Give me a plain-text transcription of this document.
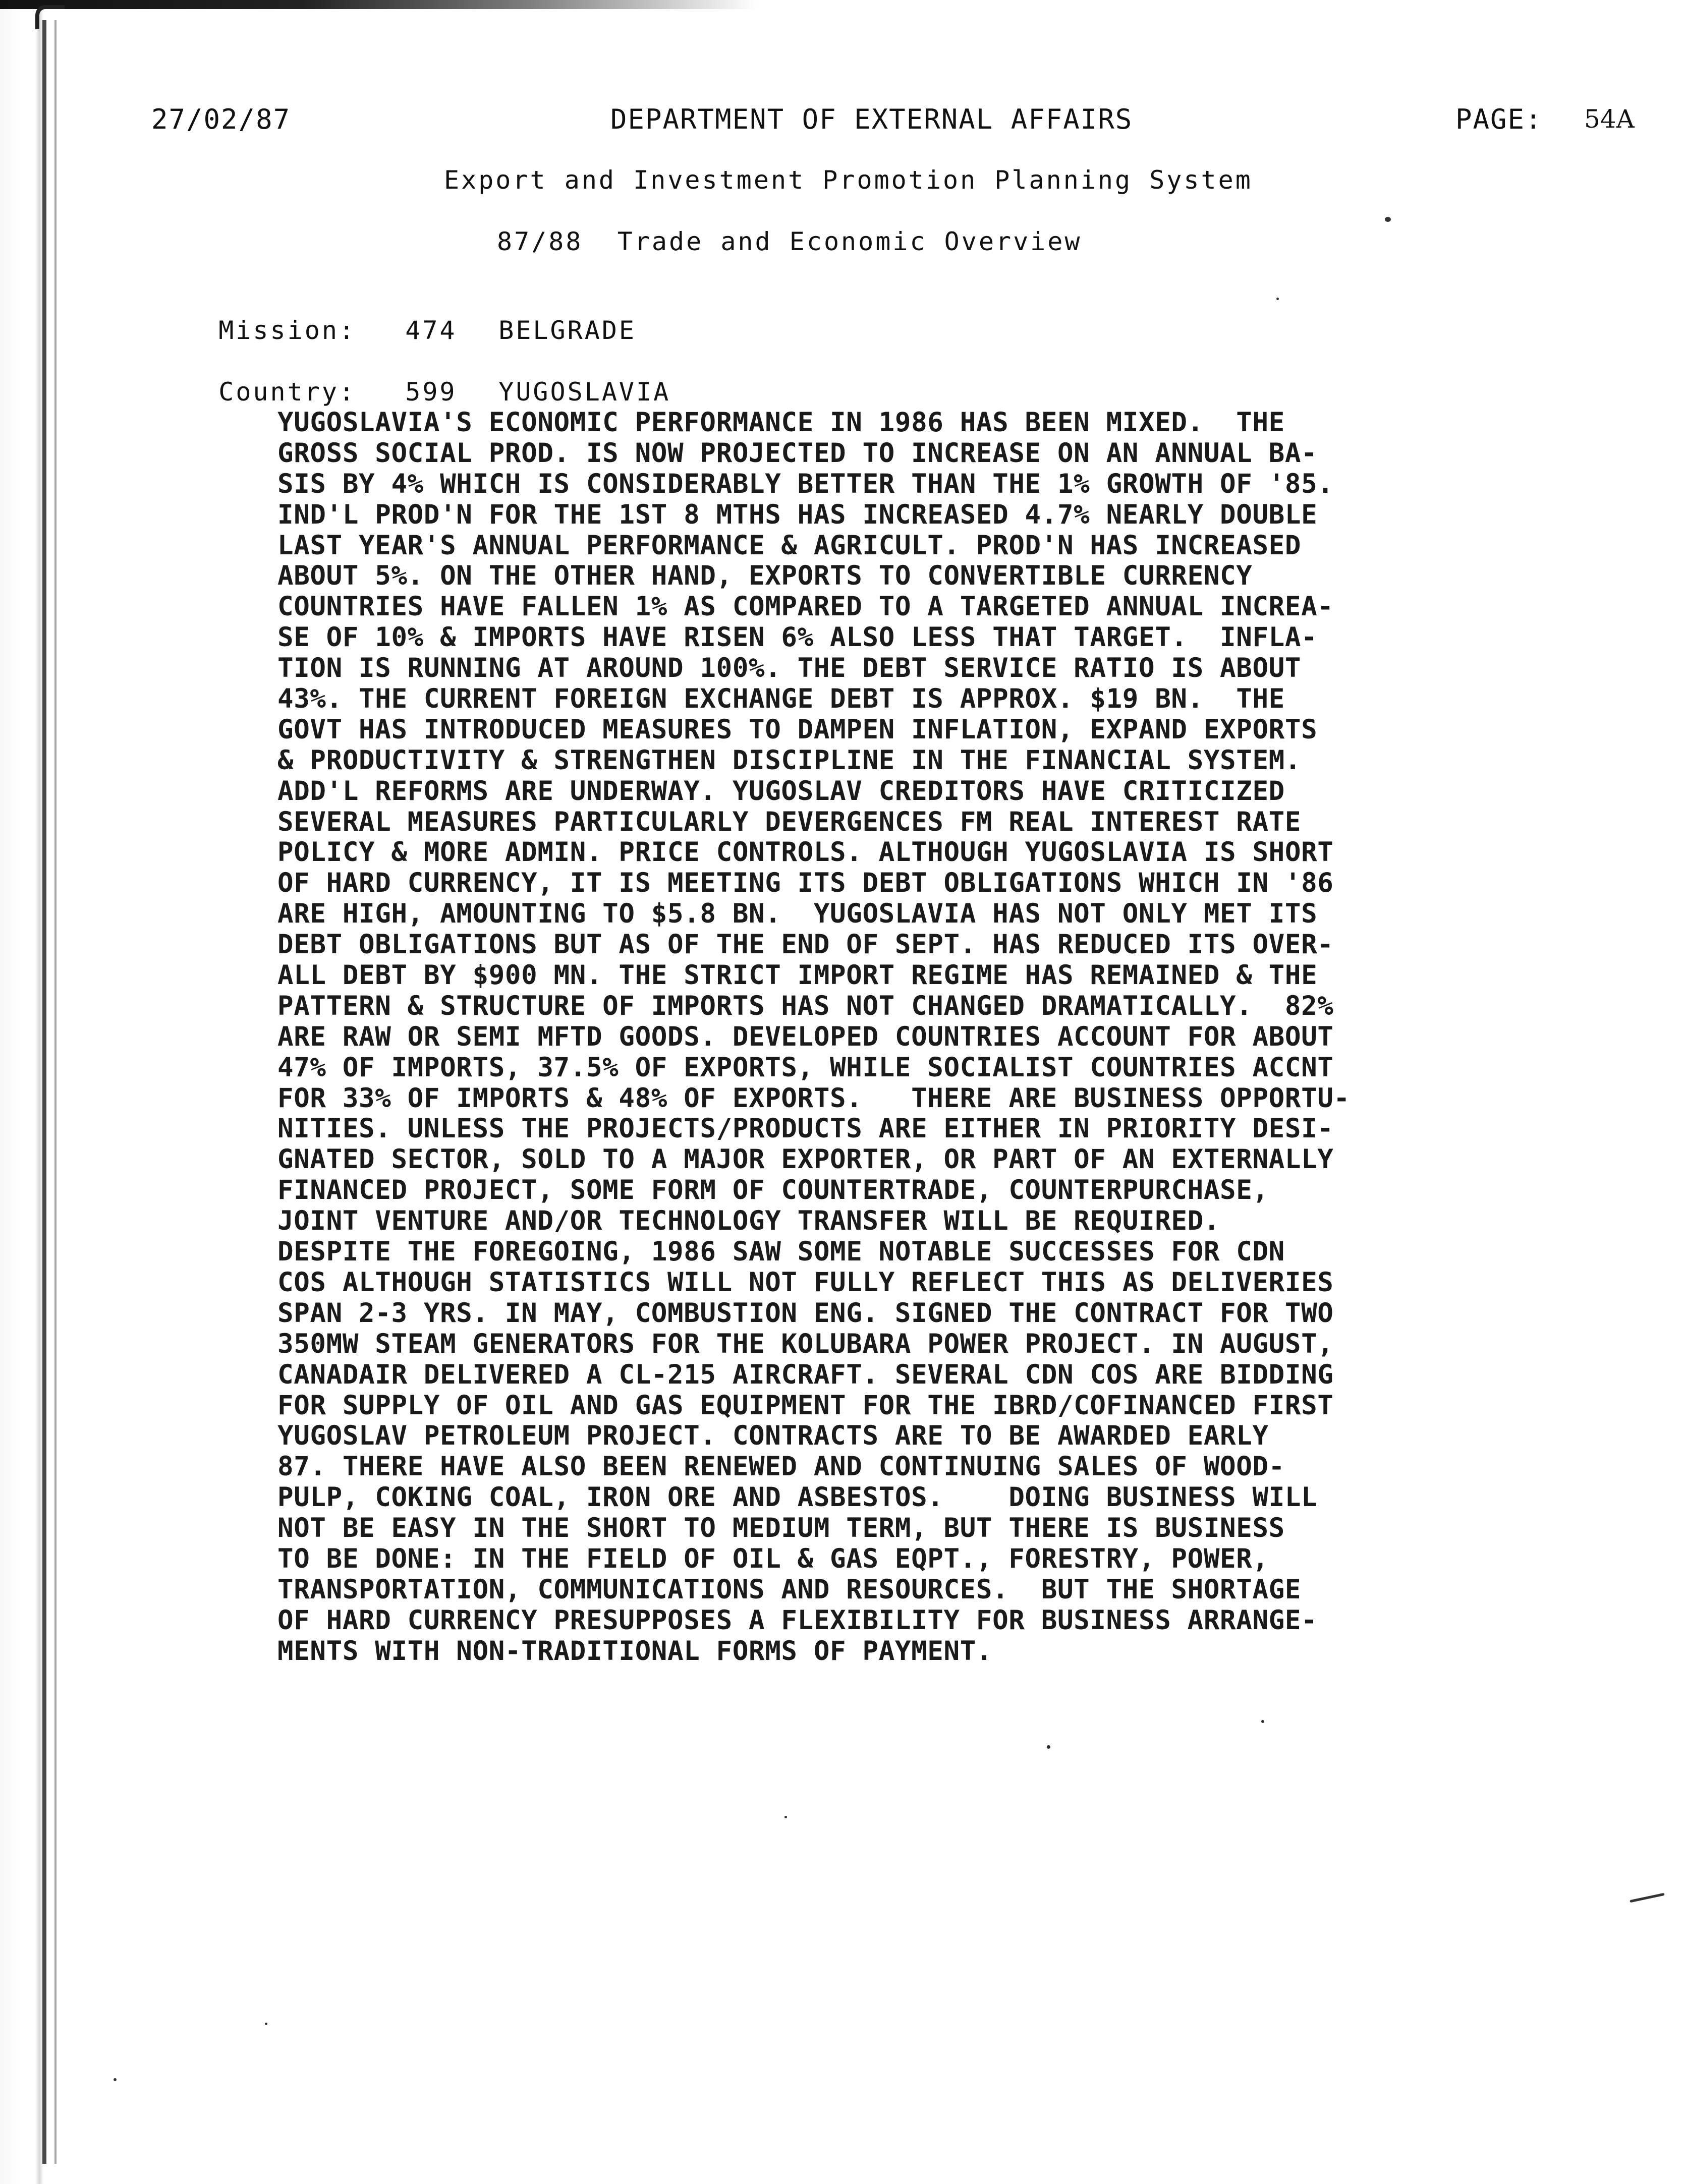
27/02/87	DEPARTMENT OF EXTERNAL AFFAIRS	PAGE: 54A
Export and Investment Promotion Planning System
87/88  Trade and Economic Overview

Mission: 474 BELGRADE

Country: 599 YUGOSLAVIA

YUGOSLAVIA'S ECONOMIC PERFORMANCE IN 1986 HAS BEEN MIXED.  THE
GROSS SOCIAL PROD. IS NOW PROJECTED TO INCREASE ON AN ANNUAL BA-
SIS BY 4% WHICH IS CONSIDERABLY BETTER THAN THE 1% GROWTH OF '85.
IND'L PROD'N FOR THE 1ST 8 MTHS HAS INCREASED 4.7% NEARLY DOUBLE
LAST YEAR'S ANNUAL PERFORMANCE & AGRICULT. PROD'N HAS INCREASED
ABOUT 5%. ON THE OTHER HAND, EXPORTS TO CONVERTIBLE CURRENCY
COUNTRIES HAVE FALLEN 1% AS COMPARED TO A TARGETED ANNUAL INCREA-
SE OF 10% & IMPORTS HAVE RISEN 6% ALSO LESS THAT TARGET.  INFLA-
TION IS RUNNING AT AROUND 100%. THE DEBT SERVICE RATIO IS ABOUT
43%. THE CURRENT FOREIGN EXCHANGE DEBT IS APPROX. $19 BN.  THE
GOVT HAS INTRODUCED MEASURES TO DAMPEN INFLATION, EXPAND EXPORTS
& PRODUCTIVITY & STRENGTHEN DISCIPLINE IN THE FINANCIAL SYSTEM.
ADD'L REFORMS ARE UNDERWAY. YUGOSLAV CREDITORS HAVE CRITICIZED
SEVERAL MEASURES PARTICULARLY DEVERGENCES FM REAL INTEREST RATE
POLICY & MORE ADMIN. PRICE CONTROLS. ALTHOUGH YUGOSLAVIA IS SHORT
OF HARD CURRENCY, IT IS MEETING ITS DEBT OBLIGATIONS WHICH IN '86
ARE HIGH, AMOUNTING TO $5.8 BN.  YUGOSLAVIA HAS NOT ONLY MET ITS
DEBT OBLIGATIONS BUT AS OF THE END OF SEPT. HAS REDUCED ITS OVER-
ALL DEBT BY $900 MN. THE STRICT IMPORT REGIME HAS REMAINED & THE
PATTERN & STRUCTURE OF IMPORTS HAS NOT CHANGED DRAMATICALLY.  82%
ARE RAW OR SEMI MFTD GOODS. DEVELOPED COUNTRIES ACCOUNT FOR ABOUT
47% OF IMPORTS, 37.5% OF EXPORTS, WHILE SOCIALIST COUNTRIES ACCNT
FOR 33% OF IMPORTS & 48% OF EXPORTS.   THERE ARE BUSINESS OPPORTU-
NITIES. UNLESS THE PROJECTS/PRODUCTS ARE EITHER IN PRIORITY DESI-
GNATED SECTOR, SOLD TO A MAJOR EXPORTER, OR PART OF AN EXTERNALLY
FINANCED PROJECT, SOME FORM OF COUNTERTRADE, COUNTERPURCHASE,
JOINT VENTURE AND/OR TECHNOLOGY TRANSFER WILL BE REQUIRED.
DESPITE THE FOREGOING, 1986 SAW SOME NOTABLE SUCCESSES FOR CDN
COS ALTHOUGH STATISTICS WILL NOT FULLY REFLECT THIS AS DELIVERIES
SPAN 2-3 YRS. IN MAY, COMBUSTION ENG. SIGNED THE CONTRACT FOR TWO
350MW STEAM GENERATORS FOR THE KOLUBARA POWER PROJECT. IN AUGUST,
CANADAIR DELIVERED A CL-215 AIRCRAFT. SEVERAL CDN COS ARE BIDDING
FOR SUPPLY OF OIL AND GAS EQUIPMENT FOR THE IBRD/COFINANCED FIRST
YUGOSLAV PETROLEUM PROJECT. CONTRACTS ARE TO BE AWARDED EARLY
87. THERE HAVE ALSO BEEN RENEWED AND CONTINUING SALES OF WOOD-
PULP, COKING COAL, IRON ORE AND ASBESTOS.    DOING BUSINESS WILL
NOT BE EASY IN THE SHORT TO MEDIUM TERM, BUT THERE IS BUSINESS
TO BE DONE: IN THE FIELD OF OIL & GAS EQPT., FORESTRY, POWER,
TRANSPORTATION, COMMUNICATIONS AND RESOURCES.  BUT THE SHORTAGE
OF HARD CURRENCY PRESUPPOSES A FLEXIBILITY FOR BUSINESS ARRANGE-
MENTS WITH NON-TRADITIONAL FORMS OF PAYMENT.
